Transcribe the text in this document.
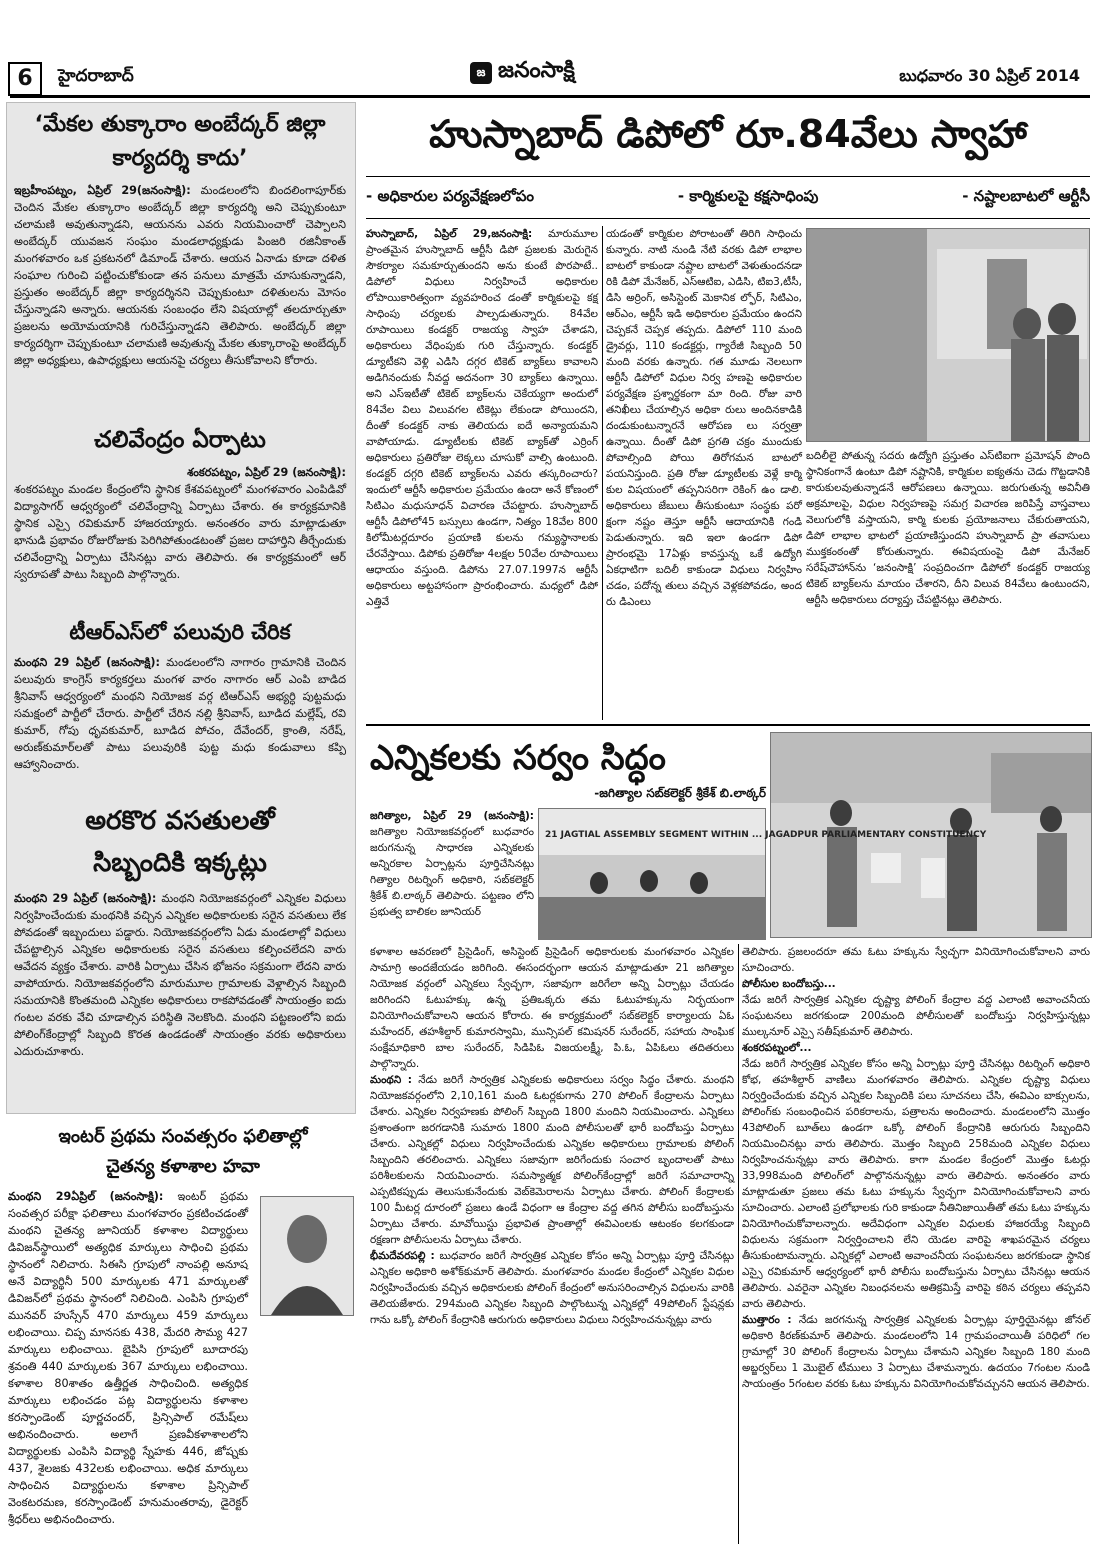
6	హైదరాబాద్	జ జనంసాక్షి	బుధవారం 30 ఏప్రిల్ 2014
‘మేకల తుక్కారాం అంబేద్కర్ జిల్లా కార్యదర్శి కాదు’
ఇబ్రహీంపట్నం, ఏప్రిల్ 29(జనంసాక్షి): మండలంలోని బిందలింగాపూర్‌కు చెందిన మేకల తుక్కారాం అంబేద్కర్ జిల్లా కార్యదర్శి అని చెప్పుకుంటూ చలామణి అవుతున్నాడని, ఆయనను ఎవరు నియమించారో చెప్పాలని అంబేద్కర్ యువజన సంఘం మండలాధ్యక్షుడు పింజరి రజినీకాంత్ మంగళవారం ఒక ప్రకటనలో డిమాండ్ చేశారు. ఆయన ఏనాడు కూడా దళిత సంఘాల గురించి పట్టించుకోకుండా తన పనులు మాత్రమే చూసుకున్నాడని, ప్రస్తుతం అంబేద్కర్ జిల్లా కార్యదర్శినని చెప్పుకుంటూ దళితులను మోసం చేస్తున్నాడని అన్నారు. ఆయనకు సంబంధం లేని విషయాల్లో తలదూర్చుతూ ప్రజలను అయోమయానికి గురిచేస్తున్నాడని తెలిపారు. అంబేద్కర్ జిల్లా కార్యదర్శిగా చెప్పుకుంటూ చలామణి అవుతున్న మేకల తుక్కారాంపై అంబేద్కర్ జిల్లా అధ్యక్షులు, ఉపాధ్యక్షులు ఆయనపై చర్యలు తీసుకోవాలని కోరారు.
చలివేంద్రం ఏర్పాటు
శంకరపట్నం, ఏప్రిల్ 29 (జనంసాక్షి):
శంకరపట్నం మండల కేంద్రంలోని స్థానిక కేశవపట్నంలో మంగళవారం ఎంపిడివో విద్యాసాగర్ ఆధ్వర్యంలో చలివేంద్రాన్ని ఏర్పాటు చేశారు. ఈ కార్యక్రమానికి స్థానిక ఎస్సై రవికుమార్ హాజరయ్యారు. అనంతరం వారు మాట్లాడుతూ భానుడి ప్రభావం రోజురోజుకు పెరిగిపోతుండటంతో ప్రజల దాహార్తిని తీర్చేందుకు చలివేంద్రాన్ని ఏర్పాటు చేసినట్లు వారు తెలిపారు. ఈ కార్యక్రమంలో ఆర్ స్వరూపతో పాటు సిబ్బంది పాల్గొన్నారు.
టీఆర్ఎస్‌లో పలువురి చేరిక
మంథని 29 ఏప్రిల్ (జనంసాక్షి): మండలంలోని నాగారం గ్రామానికి చెందిన పలువురు కాంగ్రెస్ కార్యకర్తలు మంగళ వారం నాగారం ఆర్ ఎంపి బాడిద శ్రీనివాస్ ఆధ్వర్యంలో మంథని నియోజక వర్గ టిఆర్ఎస్ అభ్యర్ధి పుట్టమధు సమక్షంలో పార్టీలో చేరారు. పార్టీలో చేరిన నల్లి శ్రీనివాస్, బూడిద మల్లేష్, రవి కుమార్, గోపు ధృవకుమార్, బూడిద పోచం, దేవేందర్, క్రాంతి, నరేష్, అరుణ్‌కుమార్‌లతో పాటు పలువురికి పుట్ట మధు కండువాలు కప్పి ఆహ్వానించారు.
అరకొర వసతులతో
సిబ్బందికి ఇక్కట్లు
మంథని 29 ఏప్రిల్ (జనంసాక్షి): మంథని నియోజకవర్గంలో ఎన్నికల విధులు నిర్వహించేందుకు మంథనికి వచ్చిన ఎన్నికల అధికారులకు సరైన వసతులు లేక పోవడంతో ఇబ్బందులు పడ్డారు. నియోజకవర్గంలోని ఏడు మండలాల్లో విధులు చేపట్టాల్సిన ఎన్నికల అధికారులకు సరైన వసతులు కల్పించలేదని వారు ఆవేదన వ్యక్తం చేశారు. వారికి ఏర్పాటు చేసిన భోజనం సక్రమంగా లేదని వారు వాపోయారు. నియోజకవర్గంలోని మారుమూల గ్రామాలకు వెళ్లాల్సిన సిబ్బంది సమయానికి కొంతమంది ఎన్నికల అధికారులు రాకపోవడంతో సాయంత్రం ఐదు గంటల వరకు వేచి చూడాల్సిన పరిస్థితి నెలకొంది. మంథని పట్టణంలోని ఐదు పోలింగ్‌కేంద్రాల్లో సిబ్బంది కొరత ఉండడంతో సాయంత్రం వరకు అధికారులు ఎదురుచూశారు.
ఇంటర్ ప్రథమ సంవత్సరం ఫలితాల్లో
చైతన్య కళాశాల హవా
మంథని 29ఏప్రిల్ (జనంసాక్షి): ఇంటర్ ప్రథమ సంవత్సర పరీక్షా ఫలితాలు మంగళవారం ప్రకటించడంతో మంథని చైతన్య జూనియర్ కళాశాల విద్యార్థులు డివిజన్‌స్థాయిలో అత్యధిక మార్కులు సాధించి ప్రథమ స్థానంలో నిలిచారు. సిఈసి గ్రూపులో నాంపల్లి అనూష అనే విద్యార్థినీ 500 మార్కులకు 471 మార్కులతో డివిజన్‌లో ప్రథమ స్థానంలో నిలిచింది. ఎంపిసి గ్రూపులో మునవర్ హుస్సేన్ 470 మార్కులు 459 మార్కులు లభించాయి. చిప్ప మానసకు 438, మేదరి సౌమ్య 427 మార్కులు లభించాయి. బైపిసి గ్రూపులో బూదారపు శ్రవంతి 440 మార్కులకు 367 మార్కులు లభించాయి. కళాశాల 80శాతం ఉత్తీర్ణత సాధించింది. అత్యధిక మార్కులు లభించడం పట్ల విద్యార్థులను కళాశాల కరస్పాండెంట్ పూర్ణచందర్, ప్రిన్సిపాల్ రమేష్‌లు అభినందించారు. అలాగే ప్రణవీకళాశాలలోని విద్యార్థులకు ఎంపిసి విద్యార్థి స్నేహకు 446, జోష్నకు 437, శైలజకు 432లకు లభించాయి. అధిక మార్కులు సాధించిన విద్యార్థులను కళాశాల ప్రిన్సిపాల్ వెంకటరమణ, కరస్పాండెంట్ హనుమంతరావు, డైరెక్టర్ శ్రీధర్‌లు అభినందించారు.
హుస్నాబాద్ డిపోలో రూ.84వేలు స్వాహా
- అధికారుల పర్యవేక్షణలోపం	- కార్మికులపై కక్షసాధింపు	- నష్టాలబాటలో ఆర్టీసీ
హుస్నాబాద్, ఏప్రిల్ 29,జనంసాక్షి: మారుమూల ప్రాంతమైన హుస్నాబాద్ ఆర్టీసీ డిపో ప్రజలకు మెరుగైన సౌకర్యాల సమకూర్చుతుందని అను కుంటే పొరపాటే.. డిపోలో విధులు నిర్వహించే అధికారుల లోపాయికారిత్వంగా వ్యవహరించ డంతో కార్మికులపై కక్ష సాధింపు చర్యలకు పాల్పడుతున్నారు. 84వేల రూపాయిలు కండక్టర్ రాజయ్య స్వాహ చేశాడని, అధికారులు వేధింపుకు గురి చేస్తున్నారు. కండక్టర్ డ్యూటీకని వెళ్లి ఎడిసి దగ్గర టికెట్ బ్యాక్‌లు కావాలని అడిగినందుకు నీవద్ద అదనంగా 30 బ్యాక్‌లు ఉన్నాయి. అని ఎస్ఇటీతో టికెట్ బ్యాక్‌లను చెకేయ్యగా అందులో 84వేల విలు విలువగల టికెట్లు లేకుండా పోయిందని, దీంతో కండక్టర్ నాకు తెలియదు ఐదే అన్యాయమని వాపోయాడు. డ్యూటీలకు టికెట్ బ్యాక్‌తో ఎర్రింగ్ అధికారులు ప్రతిరోజు లెక్కలు చూసుకో వాల్సి ఉంటుంది. కండక్టర్ దగ్గరి టికెట్ బ్యాక్‌లను ఎవరు తస్కరించారు? ఇందులో ఆర్టీసీ అధికారుల ప్రమేయం ఉందా అనే కోణంలో సిటిఎం మధుసూధన్ విచారణ చేపట్టారు. హుస్నాబాద్ ఆర్టీసీ డిపోలో45 బస్సులు ఉండగా, నిత్యం 18వేల 800 కిలోమీటర్లదూరం ప్రయాణి కులను గమ్యస్థానాలకు చేరవేస్తాయి. డిపోకు ప్రతిరోజు 4లక్షల 50వేల రూపాయిలు ఆధాయం వస్తుంది. డిపోను 27.07.1997న ఆర్టీసీ అధికారులు అట్టహాసంగా ప్రారంభించారు. మధ్యలో డిపో ఎత్తివే
యడంతో కార్మికుల పోరాటంతో తిరిగి సాధించు కున్నారు. నాటి నుండి నేటి వరకు డిపో లాభాల బాటలో కాకుండా నష్టాల బాటలో వెళుతుందనడా రికి డిపో మేనేజర్, ఎస్ఆటిఐ, ఎడిసి, టిఐ3,టీసీ, డిసి అర్రింగ్, అసిస్టెంట్ మెకానిక ల్ఫోర్, సిటిఎం, ఆర్ఎం, ఆర్టీసీ ఇడి అధికారుల ప్రమేయం ఉందని చెప్పకనే చెప్పక తప్పదు. డిపోలో 110 మంది డ్రైవర్లు, 110 కండక్టర్లు, గ్యారేజీ సిబ్బంది 50 మంది వరకు ఉన్నారు. గత మూడు నెలలుగా ఆర్టీసీ డిపోలో విధుల నిర్వ హణపై అధికారుల పర్యవేక్షణ ప్రశ్నార్థకంగా మా రింది. రోజు వారి తనిఖీలు చేయాల్సిన అధికా రులు అందినకాడికి దండుకుంటున్నారనే ఆరోపణ లు సర్వత్రా ఉన్నాయి. దీంతో డిపో ప్రగతి చక్రం ముందుకు పోవాల్సింది పోయి తిరోగమన బాటలో పయనిస్తుంది. ప్రతి రోజు డ్యూటీలకు వెళ్లే కార్మి కుల విషయంలో తప్పనిసరిగా రెకింగ్ ఉం డాలి. అధికారులు జేబులు తీసుకుంటూ సంస్థకు పరో క్షంగా నష్టం తెస్తూ ఆర్టీసీ ఆదాయానికి గండి పెడుతున్నారు. ఇది ఇలా ఉండగా డిపో ప్రారంభమై 17ఏళ్లు కావస్తున్న ఒకే ఉద్యోగి ఏకధాటిగా బదిలీ కాకుండా విధులు నిర్వహిం చడం, పదోన్న తులు వచ్చిన వెళ్లకపోవడం, అంద రు డిఎంలు
బదిలీలై పోతున్న సదరు ఉద్యోగి ప్రస్తుతం ఎస్‌టిఐగా ప్రమోషన్ పొంది స్థానికంగానే ఉంటూ డిపో నష్టానికి, కార్మికుల ఐక్యతను చెడు గొట్టడానికి కారుకులవుతున్నాడనే ఆరోపణలు ఉన్నాయి. జరుగుతున్న అవినీతి అక్రమాలపై, విధుల నిర్వహణపై సమగ్ర విచారణ జరిపిస్తే వాస్తవాలు వెలుగులోకి వస్తాయని, కార్మి కులకు ప్రయోజనాలు చేకురుతాయని, డిపో లాభాల భాటలో ప్రయాణిస్తుందని హుస్నాబాద్ ప్రా తవాసులు ముక్తకంఠంతో కోరుతున్నారు. ఈవిషయంపై డిపో మేనేజర్ సరేష్‌చౌహాన్‌ను ‘జనంసాక్షి’ సంప్రదించగా డిపోలో కండక్టర్ రాజయ్య టికెట్ బ్యాక్‌లను మాయం చేశారని, దీని విలువ 84వేలు ఉంటుందని, ఆర్టీసి అధికారులు దర్యాప్తు చేపట్టినట్లు తెలిపారు.
ఎన్నికలకు సర్వం సిద్ధం
-జగిత్యాల సబ్‌కలెక్టర్ శ్రీకేశ్ బి.లాఠ్కర్
జగిత్యాల, ఏప్రిల్ 29 (జనంసాక్షి): జగిత్యాల నియోజకవర్గంలో బుధవారం జరుగనున్న సాధారణ ఎన్నికలకు అన్నిరకాల ఏర్పాట్లను పూర్తిచేసినట్లు గిత్యాల రిటర్నింగ్ అధికారి, సబ్‌కలెక్టర్ శ్రీకేశ్ బి.లాఠ్కర్ తెలిపారు. పట్టణం లోని ప్రభుత్వ బాలికల జూనియర్
21 JAGTIAL ASSEMBLY SEGMENT WITHIN ... JAGADPUR PARLIAMENTARY CONSTITUENCY
కళాశాల ఆవరణలో ప్రిసైడింగ్, అసిస్టెంట్ ప్రిసైడింగ్ అధికారులకు మంగళవారం ఎన్నికల సామాగ్రి అందజేయడం జరిగింది. ఈసందర్భంగా ఆయన మాట్లాడుతూ 21 జగిత్యాల నియోజక వర్గంలో ఎన్నికలు స్వేచ్ఛగా, సజావుగా జరిగేలా అన్ని ఏర్పాట్లు చేయడం జరిగిందని ఓటుహక్కు ఉన్న ప్రతిఒక్కరు తమ ఓటుహక్కును నిర్భయంగా వినియోగించుకోవాలని ఆయన కోరారు. ఈ కార్యక్రమంలో సబ్‌కలెక్టర్ కార్యాలయ ఏఓ మహేందర్, తహశీల్దార్ కుమారస్వామి, మున్సిపల్ కమిషనర్ సురేందర్, సహాయ సాంఘిక సంక్షేమాధికారి బాల సురేందర్, సిడిపిఓ విజయలక్ష్మీ, పి.ఓ, ఏపిఓలు తదితరులు పాల్గొన్నారు.
మంథని : నేడు జరిగే సార్వత్రిక ఎన్నికలకు అధికారులు సర్వం సిద్ధం చేశారు. మంథని నియోజకవర్గంలోని 2,10,161 మంది ఓటర్లకుగాను 270 పోలింగ్ కేంద్రాలను ఏర్పాటు చేశారు. ఎన్నికల నిర్వహణకు పోలింగ్ సిబ్బంది 1800 మందిని నియమించారు. ఎన్నికలు ప్రశాంతంగా జరగడానికి సుమారు 1800 మంది పోలీసులతో భారీ బందోబస్తు ఏర్పాటు చేశారు. ఎన్నికల్లో విధులు నిర్వహించేందుకు ఎన్నికల అధికారులు గ్రామాలకు పోలింగ్ సిబ్బందిని తరలించారు. ఎన్నికలు సజావుగా జరిగేందుకు సంచార బృందాలతో పాటు పరిశీలకులను నియమించారు. సమస్యాత్మక పోలింగ్‌కేంద్రాల్లో జరిగే సమాచారాన్ని ఎప్పటికప్పుడు తెలుసుకునేందుకు వెబ్‌కెమెరాలను ఏర్పాటు చేశారు. పోలింగ్ కేంద్రాలకు 100 మీటర్ల దూరంలో ప్రజలు ఉండే విధంగా ఆ కేంద్రాల వద్ద తగిన పోలీసు బందోబస్తును ఏర్పాటు చేశారు. మావోయిస్టు ప్రభావిత ప్రాంతాల్లో ఈవిఎంలకు ఆటంకం కలగకుండా రక్షణగా పోలీసులను ఏర్పాటు చేశారు.
భీమదేవరపల్లి : బుధవారం జరిగే సార్వత్రిక ఎన్నికల కోసం అన్ని ఏర్పాట్లు పూర్తి చేసినట్లు ఎన్నికల అధికారి అశోక్‌కుమార్ తెలిపారు. మంగళవారం మండల కేంద్రంలో ఎన్నికల విధుల నిర్వహించేందుకు వచ్చిన అధికారులకు పోలింగ్ కేంద్రంలో అనుసరించాల్సిన విధులను వారికి తెలియజేశారు. 294మంది ఎన్నికల సిబ్బంది పాల్గొంటున్న ఎన్నికల్లో 49పోలింగ్ స్టేషన్లకు గాను ఒక్కో పోలింగ్ కేంద్రానికి ఆరుగురు అధికారులు విధులు నిర్వహించనున్నట్లు వారు
తెలిపారు. ప్రజలందరూ తమ ఓటు హక్కును స్వేచ్ఛగా వినియోగించుకోవాలని వారు సూచించారు.
పోలీసుల బందోబస్తు...
నేడు జరిగే సార్వత్రిక ఎన్నికల దృష్ట్యా పోలింగ్ కేంద్రాల వద్ద ఎలాంటి అవాంచనీయ సంఘటనలు జరగకుండా 200మంది పోలీసులతో బందోబస్తు నిర్వహిస్తున్నట్లు ముల్కనూర్ ఎస్సై సతీష్‌కుమార్ తెలిపారు.
శంకరపట్నంలో...
నేడు జరిగే సార్వత్రిక ఎన్నికల కోసం అన్ని ఏర్పాట్లు పూర్తి చేసినట్లు రిటర్నింగ్ అధికారి కోభ, తహశీల్దార్ వాణిలు మంగళవారం తెలిపారు. ఎన్నికల దృష్ట్యా విధులు నిర్వర్తించేందుకు వచ్చిన ఎన్నికల సిబ్బందికి పలు సూచనలు చేసి, ఈవిఎం బాక్సులను, పోలింగ్‌కు సంబంధించిన పరికరాలను, పత్రాలను అందించారు. మండలంలోని మొత్తం 43పోలింగ్ బూత్‌లు ఉండగా ఒక్కో పోలింగ్ కేంద్రానికి ఆరుగురు సిబ్బందిని నియమించినట్లు వారు తెలిపారు. మొత్తం సిబ్బంది 258మంది ఎన్నికల విధులు నిర్వహించనున్నట్లు వారు తెలిపారు. కాగా మండల కేంద్రంలో మొత్తం ఓటర్లు 33,998మంది పోలింగ్‌లో పాల్గొననున్నట్లు వారు తెలిపారు. అనంతరం వారు మాట్లాడుతూ ప్రజలు తమ ఓటు హక్కును స్వేచ్ఛగా వినియోగించుకోవాలని వారు సూచించారు. ఎలాంటి ప్రలోభాలకు గురి కాకుండా నీతినిజాయితీతో తమ ఓటు హక్కును వినియోగించుకోవాలన్నారు. అదేవిధంగా ఎన్నికల విధులకు హాజరయ్యే సిబ్బంది విధులను సక్రమంగా నిర్వర్తించాలని లేని యెడల వారిపై శాఖపరమైన చర్యలు తీసుకుంటామన్నారు. ఎన్నికల్లో ఎలాంటి అవాంచనీయ సంఘటనలు జరగకుండా స్థానిక ఎస్సై రవికుమార్ ఆధ్వర్యంలో భారీ పోలీసు బందోబస్తును ఏర్పాటు చేసినట్లు ఆయన తెలిపారు. ఎవరైనా ఎన్నికల నిబంధనలను అతిక్రమిస్తే వారిపై కఠిన చర్యలు తప్పవని వారు తెలిపారు.
ముత్తారం : నేడు జరగనున్న సార్వత్రిక ఎన్నికలకు ఏర్పాట్లు పూర్తియైనట్లు జోనల్ అధికారి కిరణ్‌కుమార్ తెలిపారు. మండలంలోని 14 గ్రామపంచాయితీ పరిధిలో గల గ్రామాల్లో 30 పోలింగ్ కేంద్రాలను ఏర్పాటు చేశామని ఎన్నికల సిబ్బంది 180 మంది అబ్జర్వర్‌లు 1 మొబైల్ టీములు 3 ఏర్పాటు చేశామన్నారు. ఉదయం 7గంటల నుండి సాయంత్రం 5గంటల వరకు ఓటు హక్కును వినియోగించుకోవచ్చునని ఆయన తెలిపారు.
